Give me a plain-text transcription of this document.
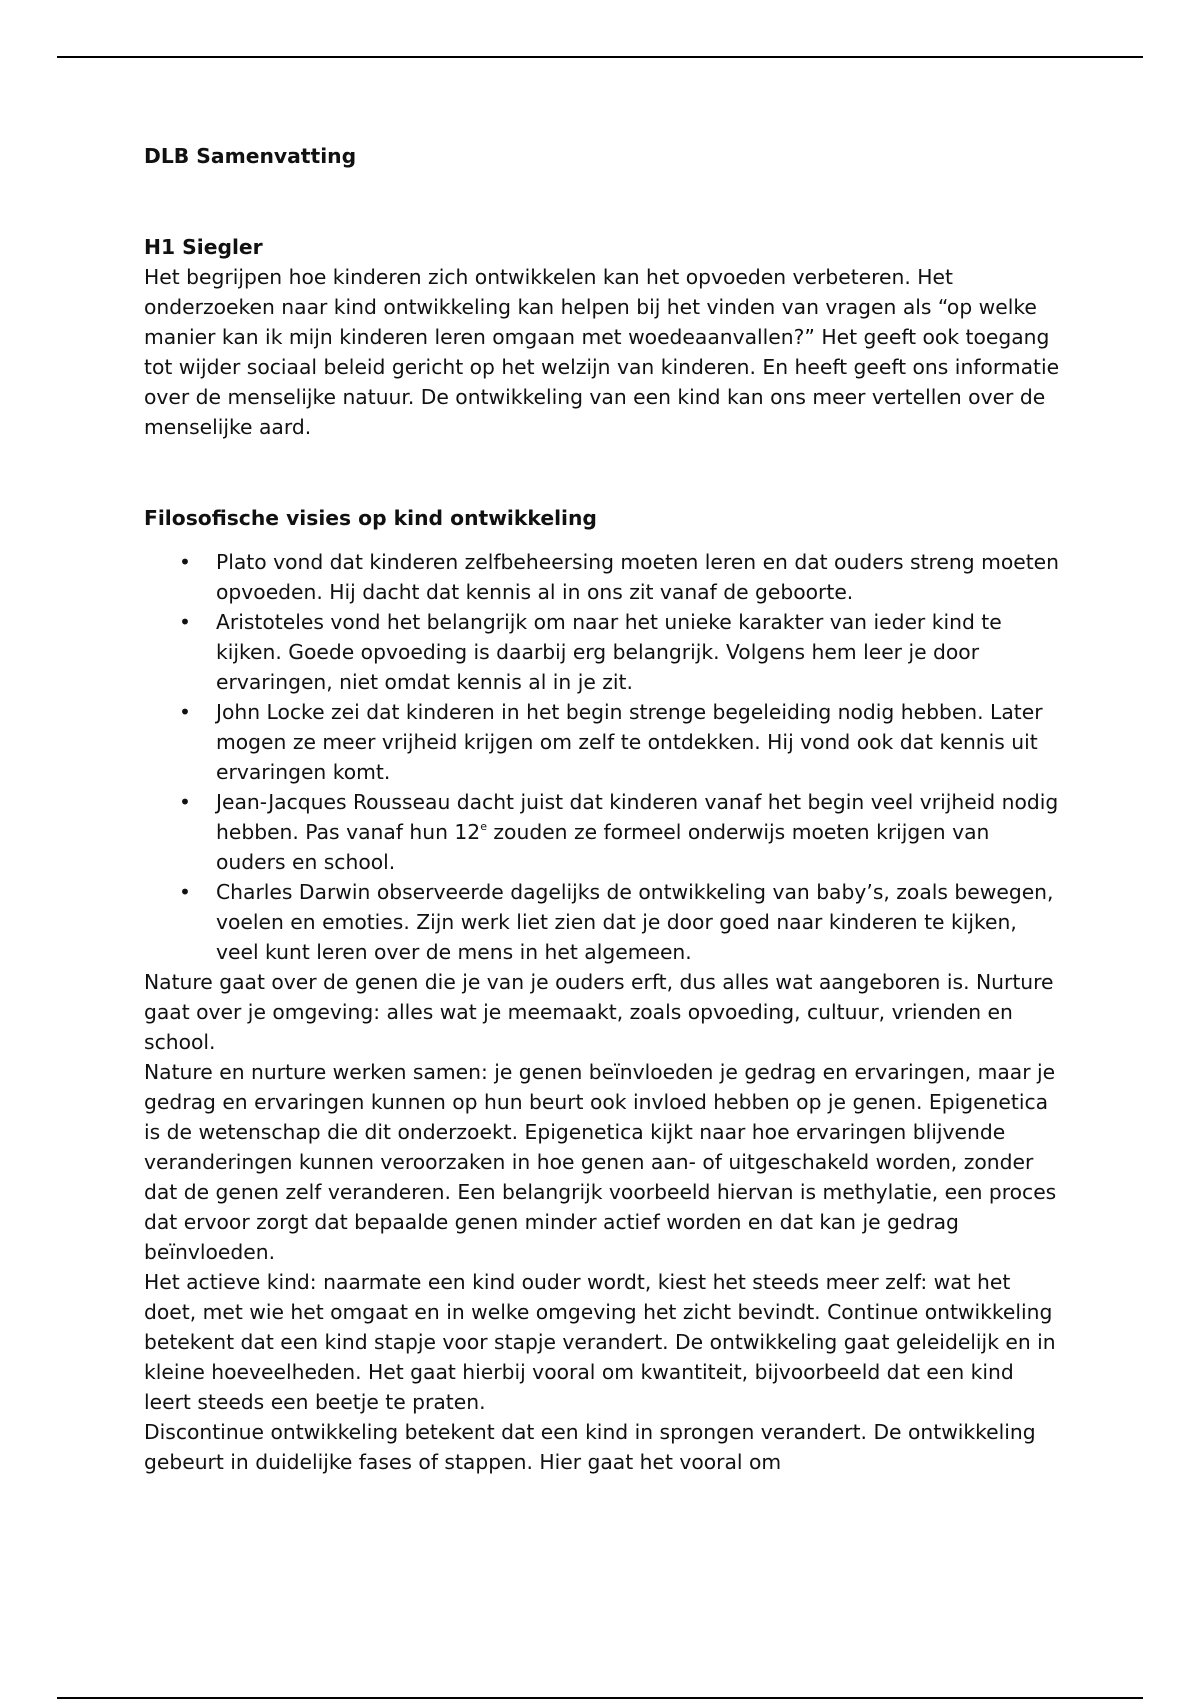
DLB Samenvatting
H1 Siegler

Het begrijpen hoe kinderen zich ontwikkelen kan het opvoeden verbeteren. Het onderzoeken naar kind ontwikkeling kan helpen bij het vinden van vragen als “op welke manier kan ik mijn kinderen leren omgaan met woedeaanvallen?” Het geeft ook toegang tot wijder sociaal beleid gericht op het welzijn van kinderen. En heeft geeft ons informatie over de menselijke natuur. De ontwikkeling van een kind kan ons meer vertellen over de menselijke aard.

Filosofische visies op kind ontwikkeling
•	Plato vond dat kinderen zelfbeheersing moeten leren en dat ouders streng moeten opvoeden. Hij dacht dat kennis al in ons zit vanaf de geboorte.
•	Aristoteles vond het belangrijk om naar het unieke karakter van ieder kind te kijken. Goede opvoeding is daarbij erg belangrijk. Volgens hem leer je door ervaringen, niet omdat kennis al in je zit.
•	John Locke zei dat kinderen in het begin strenge begeleiding nodig hebben. Later mogen ze meer vrijheid krijgen om zelf te ontdekken. Hij vond ook dat kennis uit ervaringen komt.
•	Jean-Jacques Rousseau dacht juist dat kinderen vanaf het begin veel vrijheid nodig hebben. Pas vanaf hun 12e zouden ze formeel onderwijs moeten krijgen van ouders en school.
•	Charles Darwin observeerde dagelijks de ontwikkeling van baby’s, zoals bewegen, voelen en emoties. Zijn werk liet zien dat je door goed naar kinderen te kijken, veel kunt leren over de mens in het algemeen.

Nature gaat over de genen die je van je ouders erft, dus alles wat aangeboren is. Nurture gaat over je omgeving: alles wat je meemaakt, zoals opvoeding, cultuur, vrienden en school.

Nature en nurture werken samen: je genen beïnvloeden je gedrag en ervaringen, maar je gedrag en ervaringen kunnen op hun beurt ook invloed hebben op je genen. Epigenetica is de wetenschap die dit onderzoekt. Epigenetica kijkt naar hoe ervaringen blijvende veranderingen kunnen veroorzaken in hoe genen aan- of uitgeschakeld worden, zonder dat de genen zelf veranderen. Een belangrijk voorbeeld hiervan is methylatie, een proces dat ervoor zorgt dat bepaalde genen minder actief worden en dat kan je gedrag beïnvloeden.

Het actieve kind: naarmate een kind ouder wordt, kiest het steeds meer zelf: wat het doet, met wie het omgaat en in welke omgeving het zicht bevindt. Continue ontwikkeling betekent dat een kind stapje voor stapje verandert. De ontwikkeling gaat geleidelijk en in kleine hoeveelheden. Het gaat hierbij vooral om kwantiteit, bijvoorbeeld dat een kind leert steeds een beetje te praten.

Discontinue ontwikkeling betekent dat een kind in sprongen verandert. De ontwikkeling gebeurt in duidelijke fases of stappen. Hier gaat het vooral om
